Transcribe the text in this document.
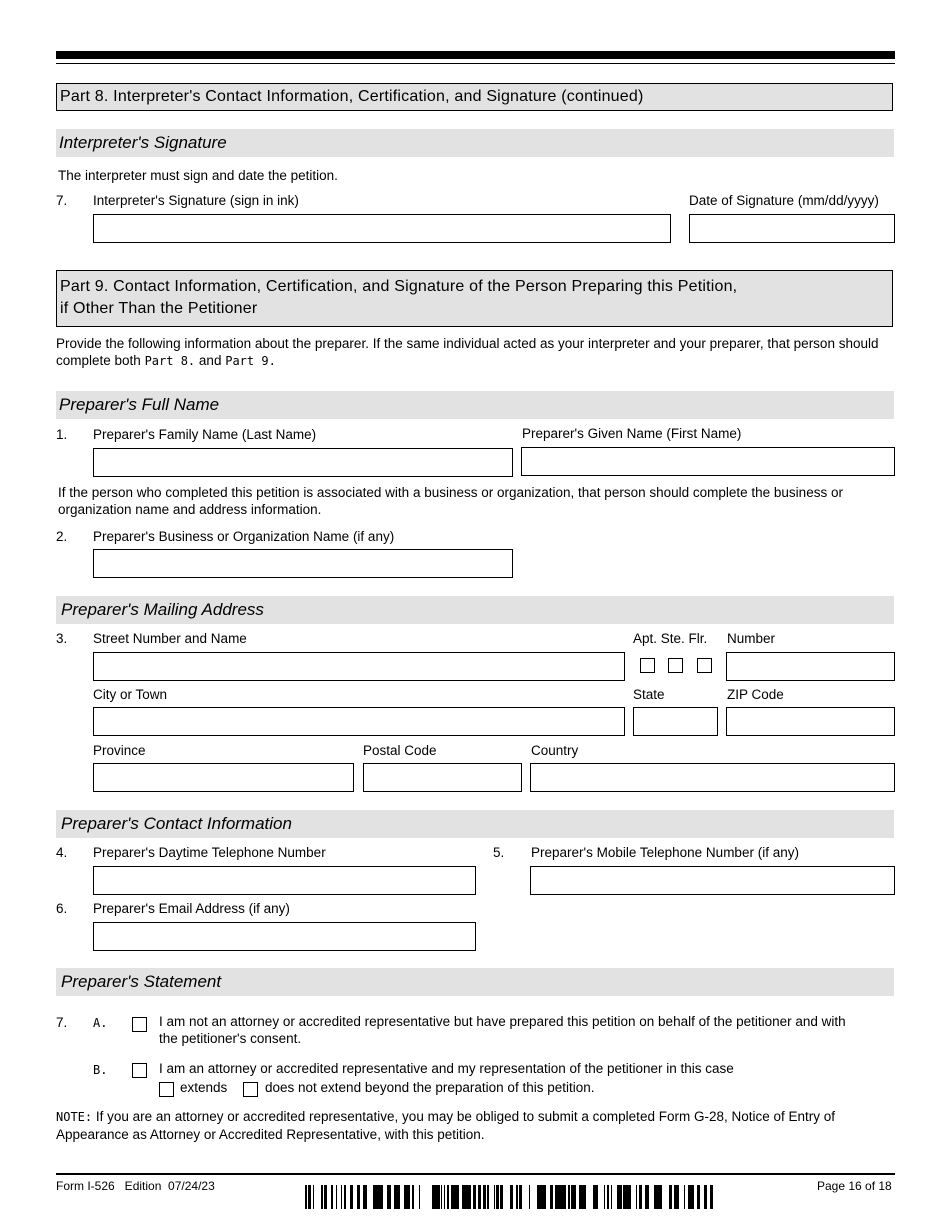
Part 8. Interpreter's Contact Information, Certification, and Signature (continued)
Interpreter's Signature
The interpreter must sign and date the petition.
7. Interpreter's Signature (sign in ink)	Date of Signature (mm/dd/yyyy)
Part 9. Contact Information, Certification, and Signature of the Person Preparing this Petition,
if Other Than the Petitioner
Provide the following information about the preparer. If the same individual acted as your interpreter and your preparer, that person should complete both Part 8. and Part 9.
Preparer's Full Name
1. Preparer's Family Name (Last Name)	Preparer's Given Name (First Name)
If the person who completed this petition is associated with a business or organization, that person should complete the business or organization name and address information.
2. Preparer's Business or Organization Name (if any)
Preparer's Mailing Address
3. Street Number and Name	Apt. Ste. Flr. Number
City or Town	State	ZIP Code
Province	Postal Code	Country
Preparer's Contact Information
4. Preparer's Daytime Telephone Number	5. Preparer's Mobile Telephone Number (if any)
6. Preparer's Email Address (if any)
Preparer's Statement
7. A.	I am not an attorney or accredited representative but have prepared this petition on behalf of the petitioner and with
the petitioner's consent.
B.	I am an attorney or accredited representative and my representation of the petitioner in this case
extends	does not extend beyond the preparation of this petition.
NOTE: If you are an attorney or accredited representative, you may be obliged to submit a completed Form G-28, Notice of Entry of Appearance as Attorney or Accredited Representative, with this petition.
Form I-526   Edition  07/24/23	Page 16 of 18
